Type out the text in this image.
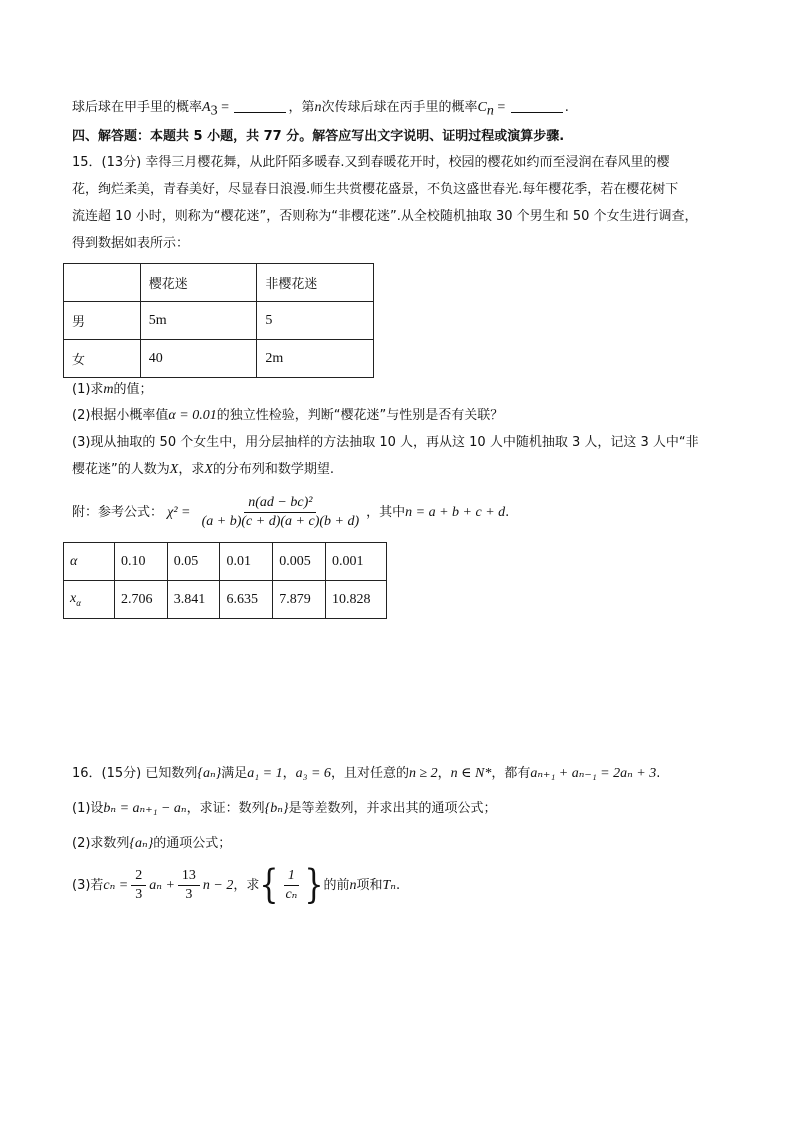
球后球在甲手里的概率$A_3$ =	，第n次传球后球在丙手里的概率$C_n$ =	.
四、解答题：本题共 5 小题，共 77 分。解答应写出文字说明、证明过程或演算步骤.
15．(13分) 幸得三月樱花舞，从此阡陌多暖春.又到春暖花开时，校园的樱花如约而至浸润在春风里的樱
花，绚烂柔美，青春美好，尽显春日浪漫.师生共赏樱花盛景，不负这盛世春光.每年樱花季，若在樱花树下
流连超 10 小时，则称为“樱花迷”，否则称为“非樱花迷”.从全校随机抽取 30 个男生和 50 个女生进行调查，
得到数据如表所示：
	樱花迷	非樱花迷
男	5m	5
女	40	2m
(1)求m的值；
(2)根据小概率值α = 0.01的独立性检验，判断“樱花迷”与性别是否有关联？
(3)现从抽取的 50 个女生中，用分层抽样的方法抽取 10 人，再从这 10 人中随机抽取 3 人，记这 3 人中“非
樱花迷”的人数为X，求X的分布列和数学期望.
附：参考公式： $\chi^2 = \frac{\text{n(ad − bc)²}}{(a + b)(c + d)(a + c)(b + d)}$ ，其中n = a + b + c + d.
α	0.10	0.05	0.01	0.005	0.001
$x_\alpha$	2.706	3.841	6.635	7.879	10.828
16．(15分) 已知数列{aₙ}满足a₁ = 1，a₃ = 6，且对任意的n ≥ 2，n ∈ N*，都有aₙ₊₁ + aₙ₋₁ = 2aₙ + 3.
(1)设bₙ = aₙ₊₁ − aₙ，求证：数列{bₙ}是等差数列，并求出其的通项公式；
(2)求数列{aₙ}的通项公式；
(3)若$c_n = \frac{2}{3}$ $a_n + \frac{13}{3}$ n − 2，求{ $\frac{1}{\text{cₙ}}$ }的前n项和Tₙ.
